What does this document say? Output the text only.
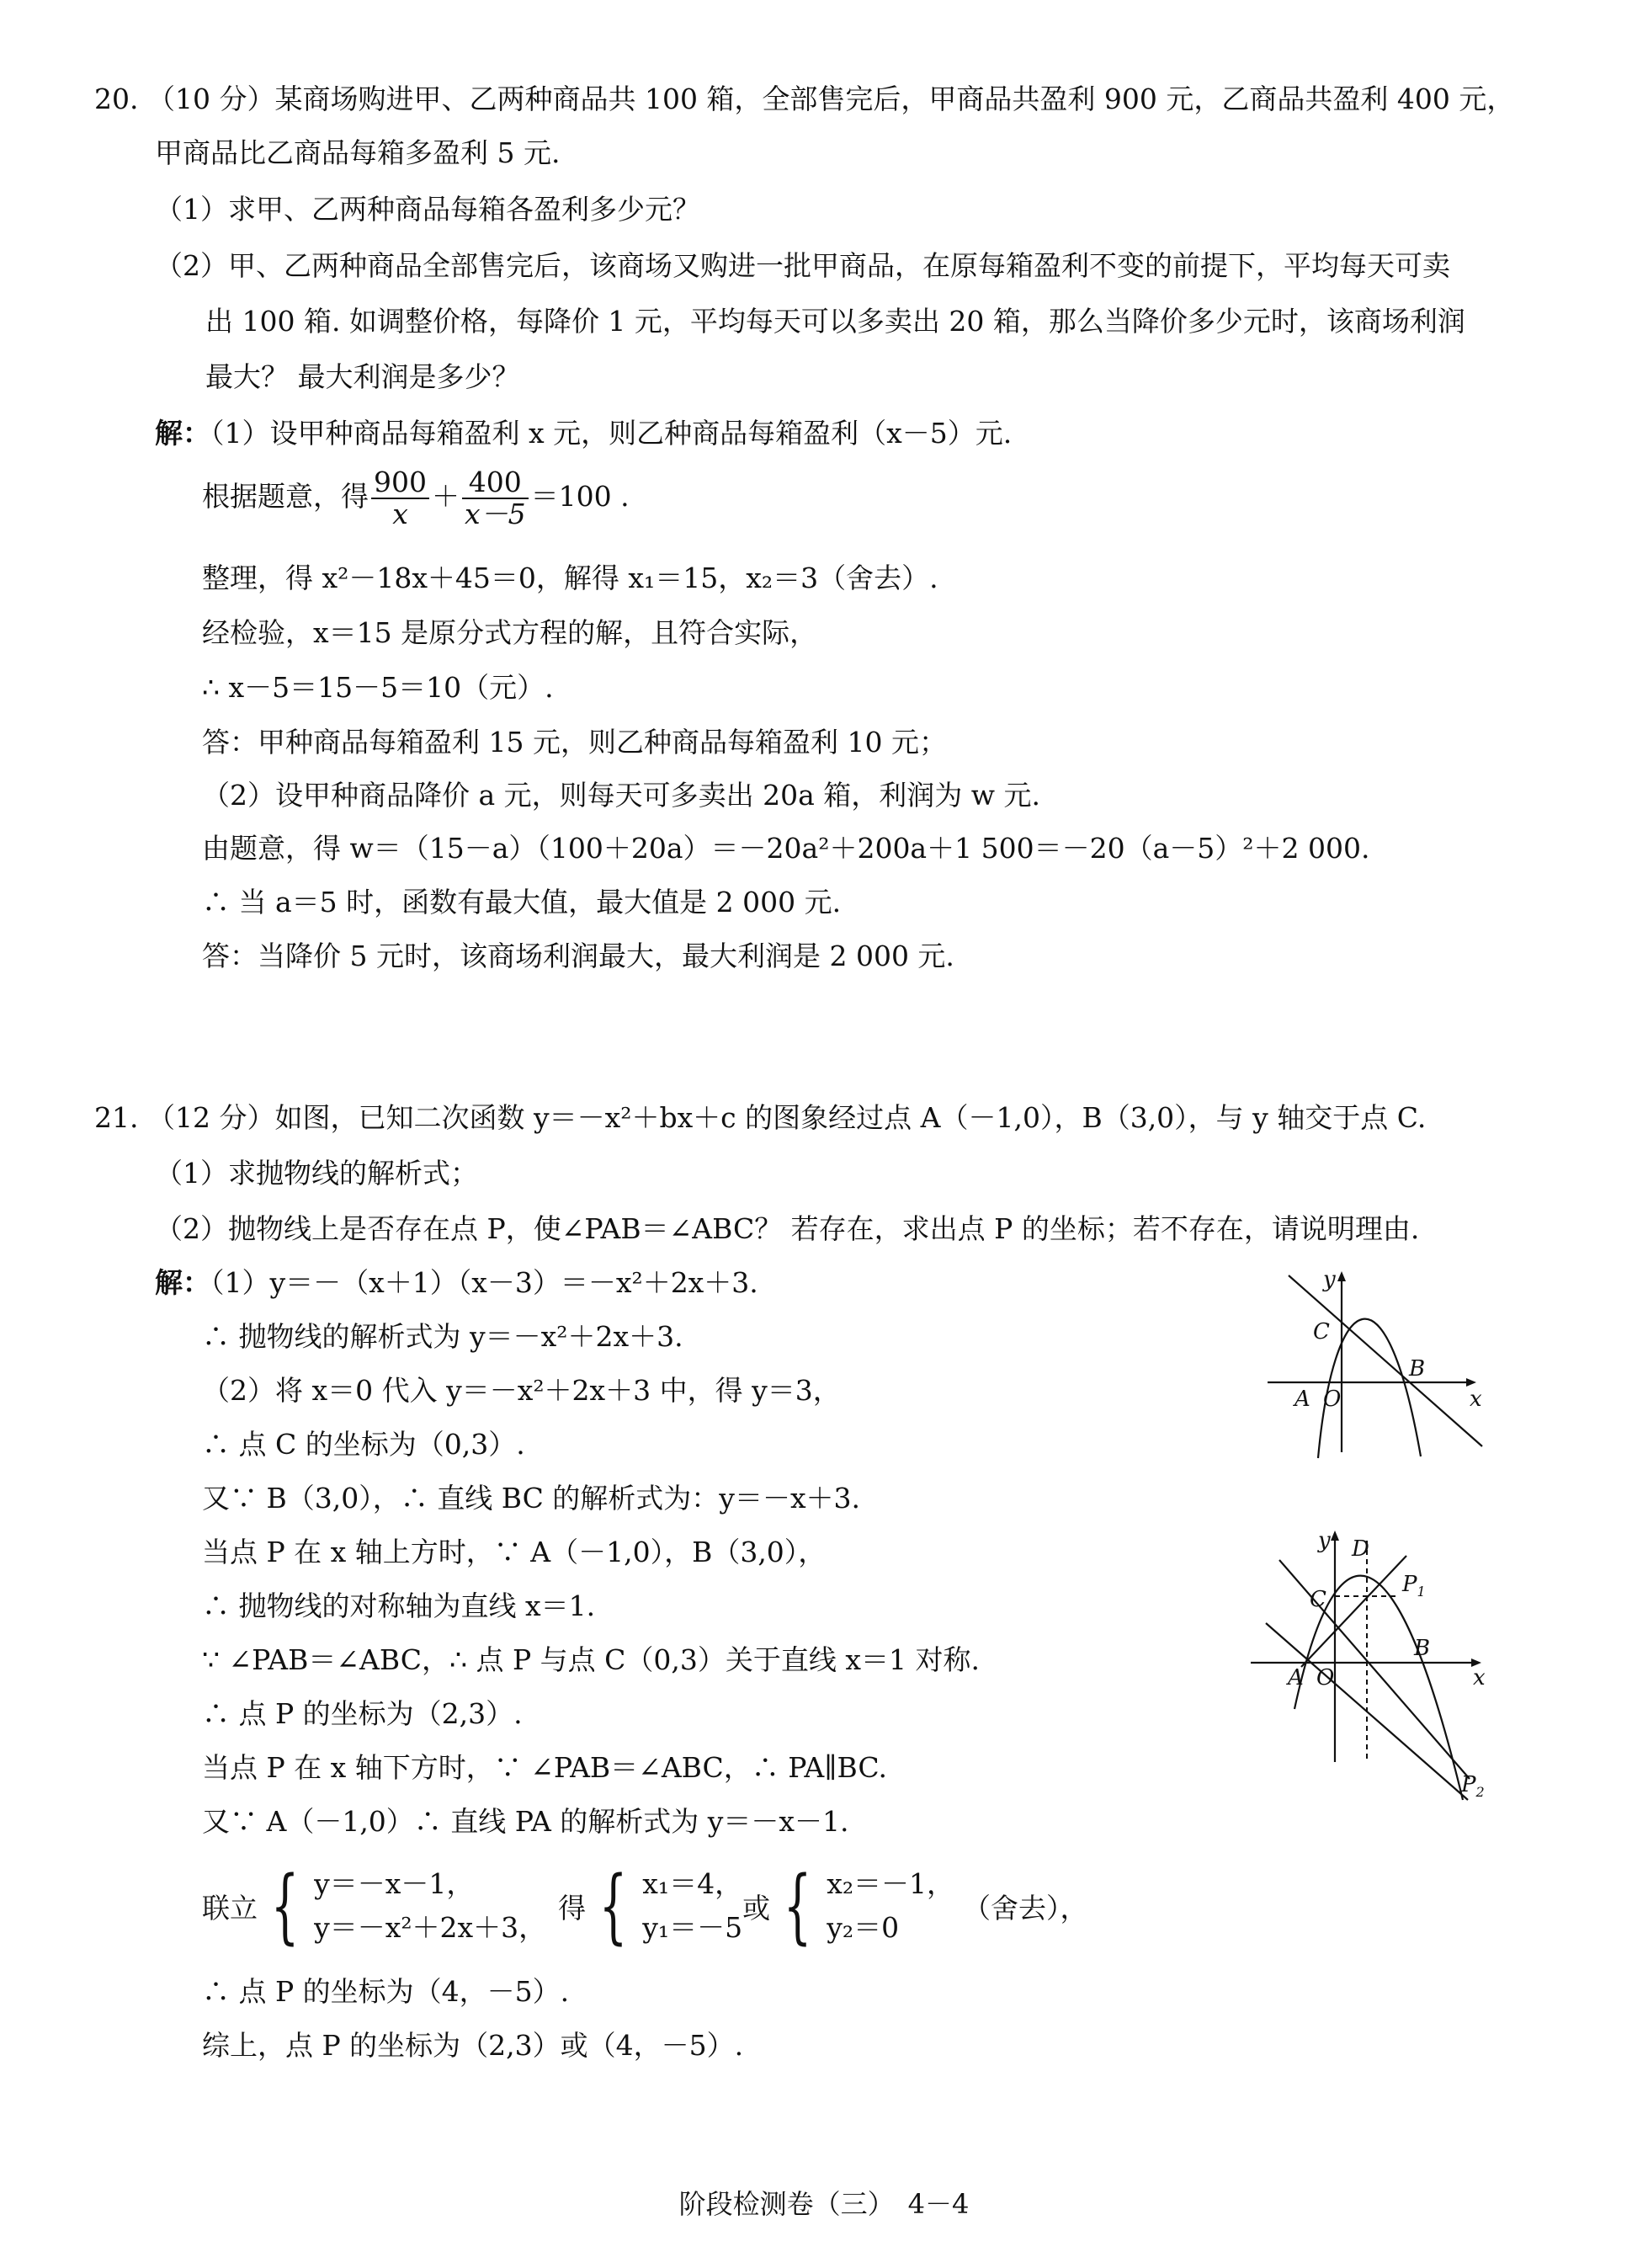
20. （10 分）某商场购进甲、乙两种商品共 100 箱，全部售完后，甲商品共盈利 900 元，乙商品共盈利 400 元，
甲商品比乙商品每箱多盈利 5 元.
（1）求甲、乙两种商品每箱各盈利多少元？
（2）甲、乙两种商品全部售完后，该商场又购进一批甲商品，在原每箱盈利不变的前提下，平均每天可卖
出 100 箱. 如调整价格，每降价 1 元，平均每天可以多卖出 20 箱，那么当降价多少元时，该商场利润
最大？ 最大利润是多少？
解：（1）设甲种商品每箱盈利 x 元，则乙种商品每箱盈利（x－5）元.
根据题意，得 $\frac{900}{x} + \frac{400}{x-5} =100$ .
整理，得 x²－18x＋45＝0，解得 x₁＝15，x₂＝3（舍去）.
经检验，x＝15 是原分式方程的解，且符合实际，
∴ x－5＝15－5＝10（元）.
答：甲种商品每箱盈利 15 元，则乙种商品每箱盈利 10 元；
（2）设甲种商品降价 a 元，则每天可多卖出 20a 箱，利润为 w 元.
由题意，得 w＝（15－a）（100＋20a）＝－20a²＋200a＋1 500＝－20（a－5）²＋2 000.
∴ 当 a＝5 时，函数有最大值，最大值是 2 000 元.
答：当降价 5 元时，该商场利润最大，最大利润是 2 000 元.
21. （12 分）如图，已知二次函数 y＝－x²＋bx＋c 的图象经过点 A（－1,0），B（3,0），与 y 轴交于点 C.
（1）求抛物线的解析式；
（2）抛物线上是否存在点 P，使∠PAB＝∠ABC？ 若存在，求出点 P 的坐标；若不存在，请说明理由.
解：（1）y＝－（x＋1）（x－3）＝－x²＋2x＋3.
∴ 抛物线的解析式为 y＝－x²＋2x＋3.
（2）将 x＝0 代入 y＝－x²＋2x＋3 中，得 y＝3，
∴ 点 C 的坐标为（0,3）.
又∵ B（3,0），∴ 直线 BC 的解析式为：y＝－x＋3.
当点 P 在 x 轴上方时，∵ A（－1,0），B（3,0），
∴ 抛物线的对称轴为直线 x＝1.
∵ ∠PAB＝∠ABC，∴ 点 P 与点 C（0,3）关于直线 x＝1 对称.
∴ 点 P 的坐标为（2,3）.
当点 P 在 x 轴下方时，∵ ∠PAB＝∠ABC，∴ PA∥BC.
又∵ A（－1,0）∴ 直线 PA 的解析式为 y＝－x－1.
联立 { y＝－x－1，
y＝－x²＋2x＋3，
得 { x₁＝4，
y₁＝－5
或 { x₂＝－1，
y₂＝0
（舍去），
∴ 点 P 的坐标为（4，－5）.
综上，点 P 的坐标为（2,3）或（4，－5）.
y
x
C
B
A O
y
x
D
C
$P_1$
B
A O
$P_2$
阶段检测卷（三）　4－4
